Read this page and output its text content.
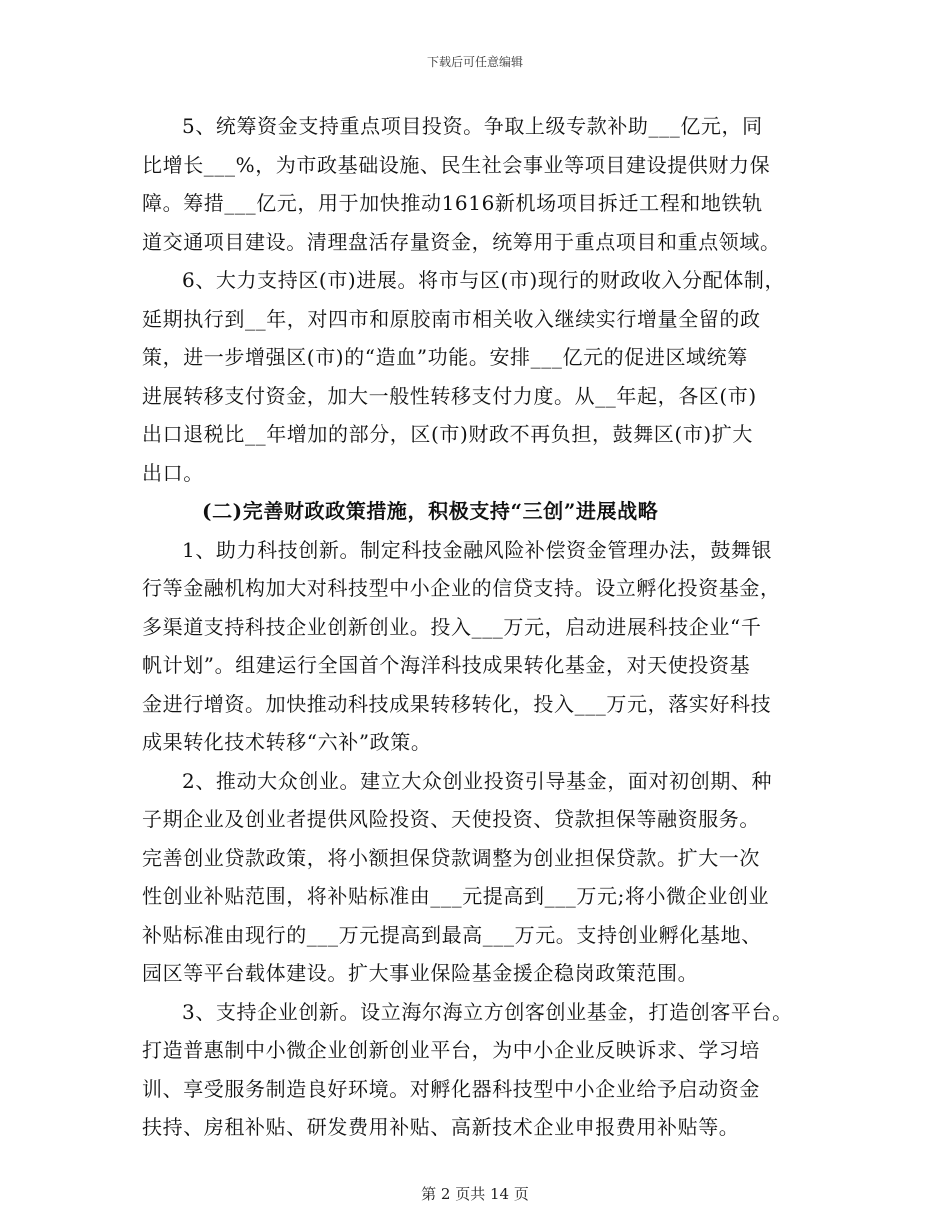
下载后可任意编辑
5、统筹资金支持重点项目投资。争取上级专款补助___亿元，同
比增长___%，为市政基础设施、民生社会事业等项目建设提供财力保
障。筹措___亿元，用于加快推动1616新机场项目拆迁工程和地铁轨
道交通项目建设。清理盘活存量资金，统筹用于重点项目和重点领域。
6、大力支持区(市)进展。将市与区(市)现行的财政收入分配体制，
延期执行到__年，对四市和原胶南市相关收入继续实行增量全留的政
策，进一步增强区(市)的“造血”功能。安排___亿元的促进区域统筹
进展转移支付资金，加大一般性转移支付力度。从__年起，各区(市)
出口退税比__年增加的部分，区(市)财政不再负担，鼓舞区(市)扩大
出口。
(二)完善财政政策措施，积极支持“三创”进展战略
1、助力科技创新。制定科技金融风险补偿资金管理办法，鼓舞银
行等金融机构加大对科技型中小企业的信贷支持。设立孵化投资基金，
多渠道支持科技企业创新创业。投入___万元，启动进展科技企业“千
帆计划”。组建运行全国首个海洋科技成果转化基金，对天使投资基
金进行增资。加快推动科技成果转移转化，投入___万元，落实好科技
成果转化技术转移“六补”政策。
2、推动大众创业。建立大众创业投资引导基金，面对初创期、种
子期企业及创业者提供风险投资、天使投资、贷款担保等融资服务。
完善创业贷款政策，将小额担保贷款调整为创业担保贷款。扩大一次
性创业补贴范围，将补贴标准由___元提高到___万元;将小微企业创业
补贴标准由现行的___万元提高到最高___万元。支持创业孵化基地、
园区等平台载体建设。扩大事业保险基金援企稳岗政策范围。
3、支持企业创新。设立海尔海立方创客创业基金，打造创客平台。
打造普惠制中小微企业创新创业平台，为中小企业反映诉求、学习培
训、享受服务制造良好环境。对孵化器科技型中小企业给予启动资金
扶持、房租补贴、研发费用补贴、高新技术企业申报费用补贴等。
第 2 页共 14 页
